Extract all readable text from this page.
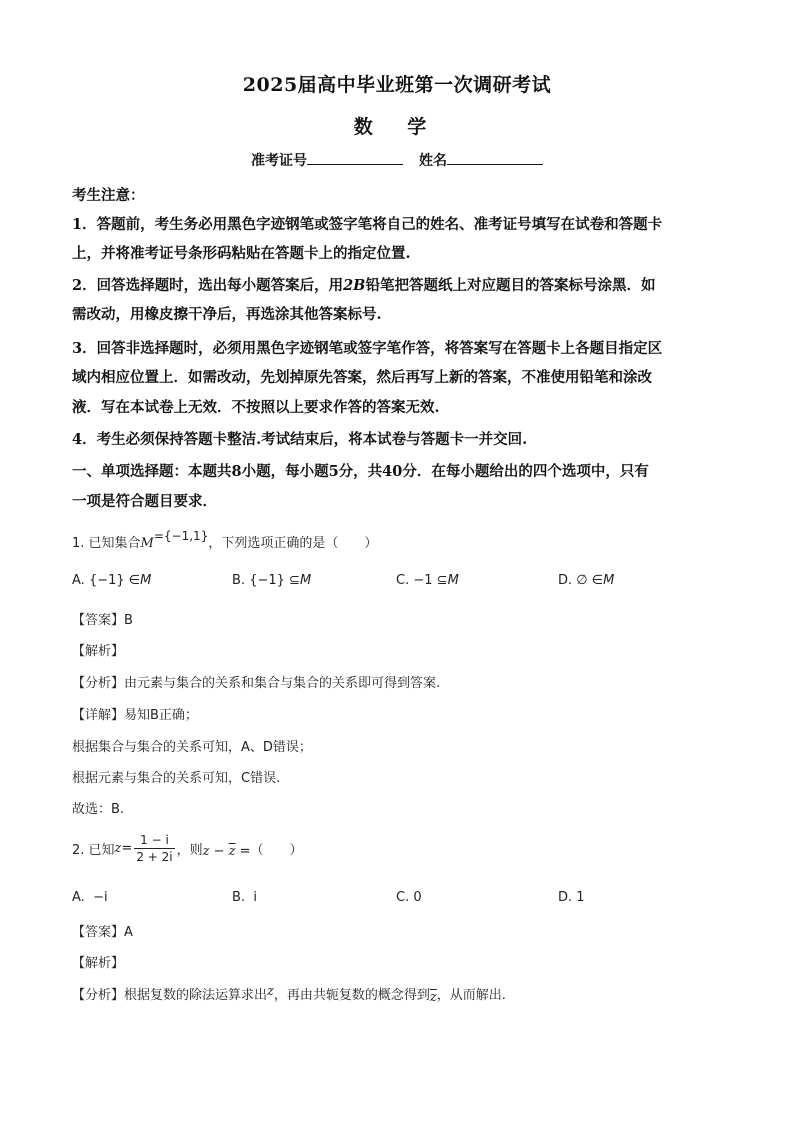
2025届高中毕业班第一次调研考试
数 学
准考证号	姓名
考生注意：
1．答题前，考生务必用黑色字迹钢笔或签字笔将自己的姓名、准考证号填写在试卷和答题卡
上，并将准考证号条形码粘贴在答题卡上的指定位置.
2．回答选择题时，选出每小题答案后，用2B铅笔把答题纸上对应题目的答案标号涂黑．如
需改动，用橡皮擦干净后，再选涂其他答案标号.
3．回答非选择题时，必须用黑色字迹钢笔或签字笔作答，将答案写在答题卡上各题目指定区
域内相应位置上．如需改动，先划掉原先答案，然后再写上新的答案，不准使用铅笔和涂改
液．写在本试卷上无效．不按照以上要求作答的答案无效.
4．考生必须保持答题卡整洁.考试结束后，将本试卷与答题卡一并交回.
一、单项选择题：本题共8小题，每小题5分，共40分．在每小题给出的四个选项中，只有
一项是符合题目要求．
1. 已知集合M={−1,1}，下列选项正确的是（　　）
A. {−1} ∈M	B. {−1} ⊆M	C. −1 ⊆M	D. ∅ ∈M
【答案】B
【解析】
【分析】由元素与集合的关系和集合与集合的关系即可得到答案.
【详解】易知B正确；
根据集合与集合的关系可知，A、D错误；
根据元素与集合的关系可知，C错误.
故选：B.
2. 已知$z= \frac{1 - i}{2 + 2i}$ ，则$z - \overline{z}$ =（　　）
A. −i	B. i	C. 0	D. 1
【答案】A
【解析】
【分析】根据复数的除法运算求出z，再由共轭复数的概念得到$\overline{z}$，从而解出.
